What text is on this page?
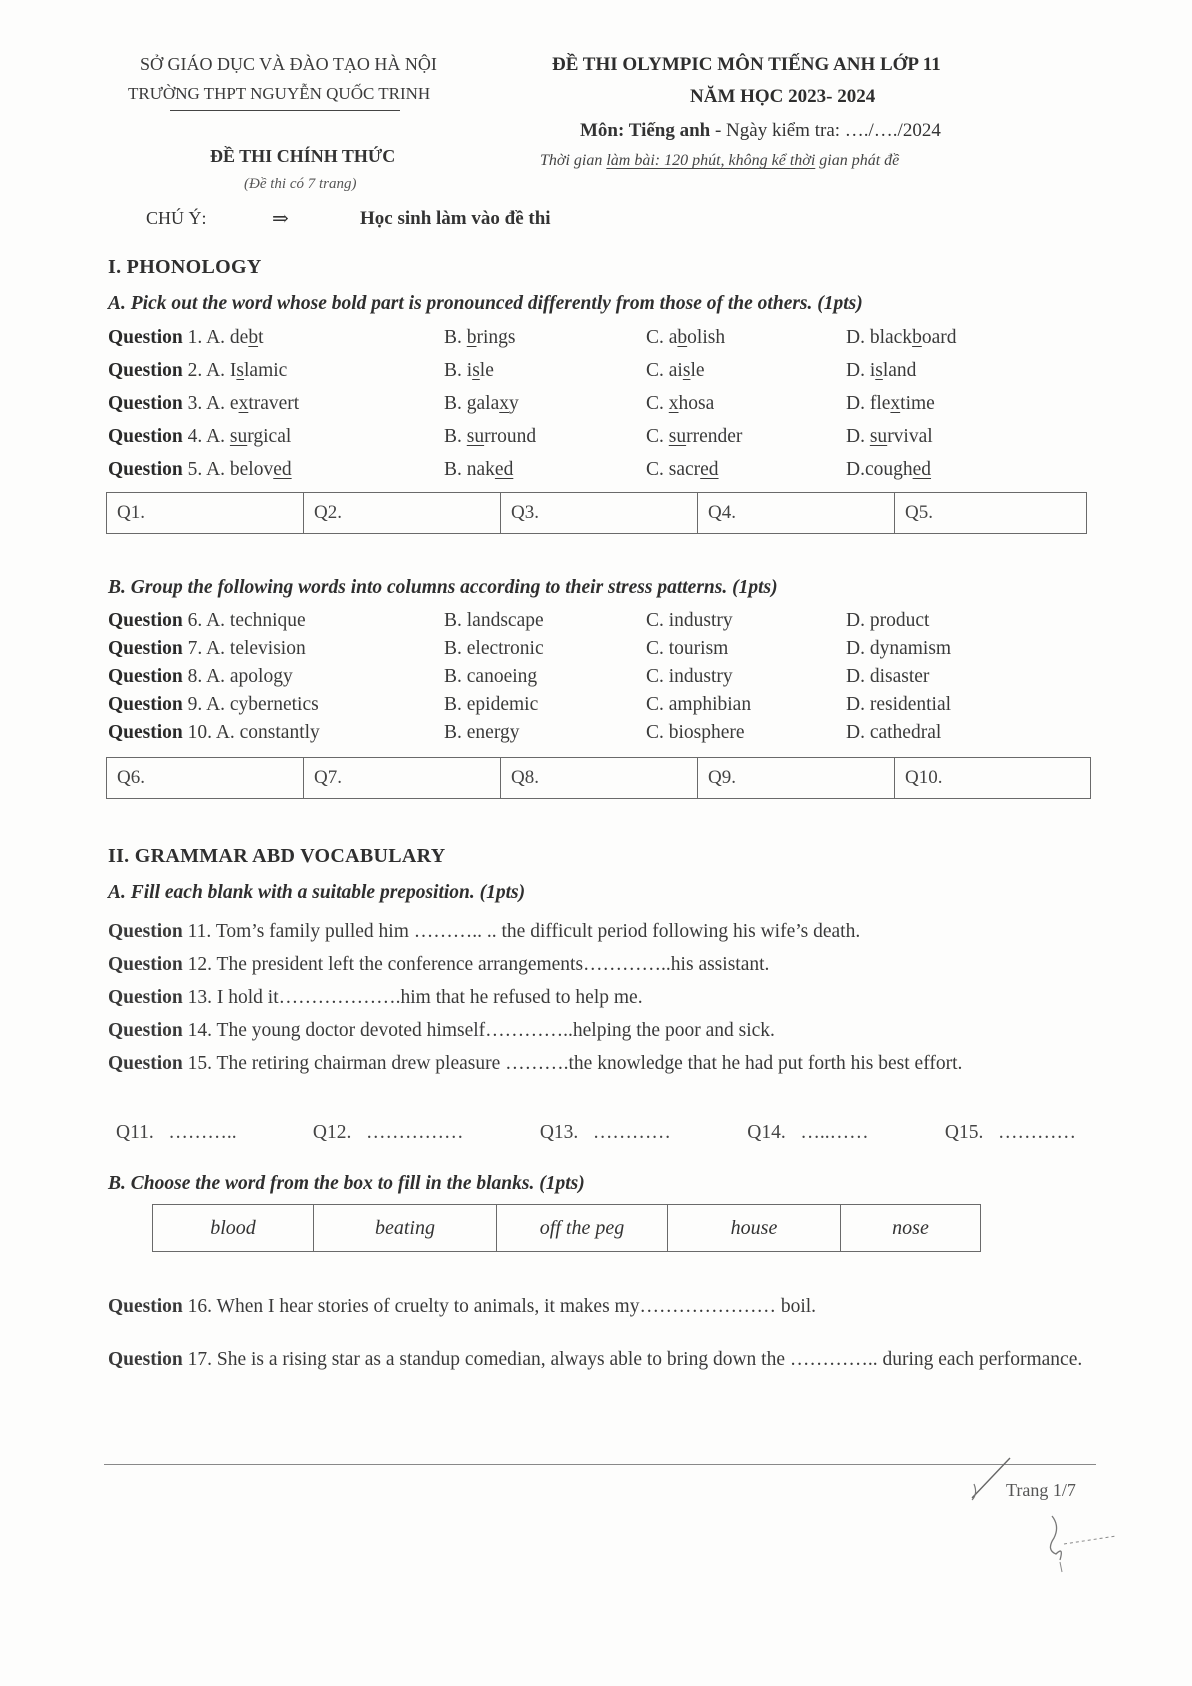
SỞ GIÁO DỤC VÀ ĐÀO TẠO HÀ NỘI
TRƯỜNG THPT NGUYỄN QUỐC TRINH
ĐỀ THI OLYMPIC MÔN TIẾNG ANH LỚP 11
NĂM HỌC 2023- 2024
Môn: Tiếng anh - Ngày kiểm tra: …./…./2024
Thời gian làm bài: 120 phút, không kể thời gian phát đề
ĐỀ THI CHÍNH THỨC
(Đề thi có 7 trang)
CHÚ Ý:	⇒	Học sinh làm vào đề thi
I. PHONOLOGY
A. Pick out the word whose bold part is pronounced differently from those of the others. (1pts)
Question 1. A. debt	B. brings	C. abolish	D. blackboard
Question 2. A. Islamic	B. isle	C. aisle	D. island
Question 3. A. extravert	B. galaxy	C. xhosa	D. flextime
Question 4. A. surgical	B. surround	C. surrender	D. survival
Question 5. A. beloved	B. naked	C. sacred	D.coughed
Q1.	Q2.	Q3.	Q4.	Q5.
B. Group the following words into columns according to their stress patterns. (1pts)
Question 6. A. technique	B. landscape	C. industry	D. product
Question 7. A. television	B. electronic	C. tourism	D. dynamism
Question 8. A. apology	B. canoeing	C. industry	D. disaster
Question 9. A. cybernetics	B. epidemic	C. amphibian	D. residential
Question 10. A. constantly	B. energy	C. biosphere	D. cathedral
Q6.	Q7.	Q8.	Q9.	Q10.
II. GRAMMAR ABD VOCABULARY
A. Fill each blank with a suitable preposition. (1pts)
Question 11. Tom’s family pulled him ……….. .. the difficult period following his wife’s death.
Question 12. The president left the conference arrangements…………..his assistant.
Question 13. I hold it……………….him that he refused to help me.
Question 14. The young doctor devoted himself…………..helping the poor and sick.
Question 15. The retiring chairman drew pleasure ……….the knowledge that he had put forth his best effort.
Q11. ………..	Q12. ……………	Q13. …………	Q14. …..……	Q15. …………
B. Choose the word from the box to fill in the blanks. (1pts)
blood	beating	off the peg	house	nose
Question 16. When I hear stories of cruelty to animals, it makes my………………… boil.
Question 17. She is a rising star as a standup comedian, always able to bring down the ………….. during each performance.
Trang 1/7
